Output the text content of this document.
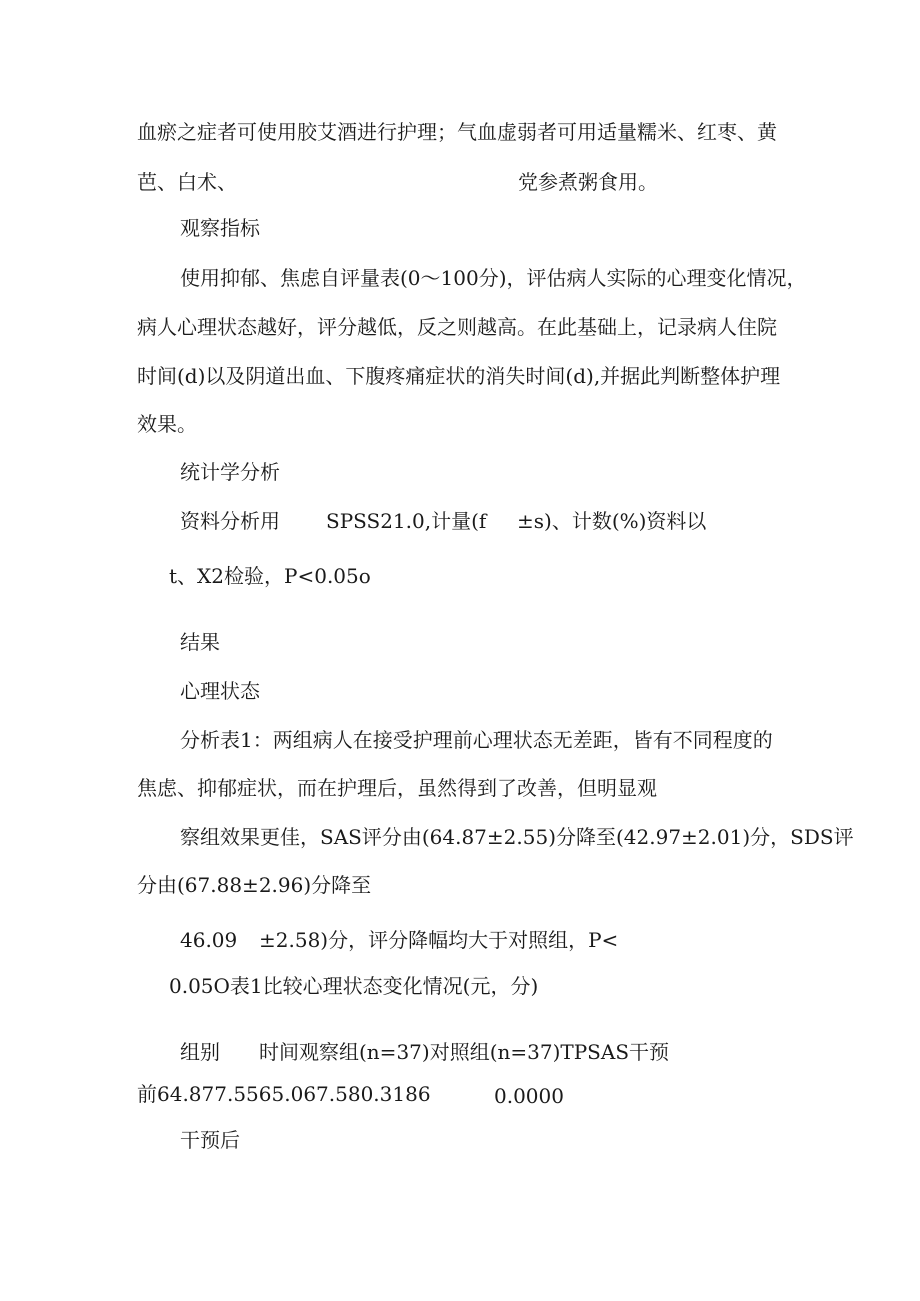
血瘀之症者可使用胶艾酒进行护理；气血虚弱者可用适量糯米、红枣、黄

芭、白术、	党参煮粥食用。

观察指标

使用抑郁、焦虑自评量表(0～100分)，评估病人实际的心理变化情况，

病人心理状态越好，评分越低，反之则越高。在此基础上，记录病人住院

时间(d)以及阴道出血、下腹疼痛症状的消失时间(d),并据此判断整体护理

效果。

统计学分析

资料分析用 SPSS21.0,计量(f ±s)、计数(%)资料以

t、X2检验，P<0.05o

结果

心理状态

分析表1：两组病人在接受护理前心理状态无差距，皆有不同程度的

焦虑、抑郁症状，而在护理后，虽然得到了改善，但明显观

察组效果更佳，SAS评分由(64.87±2.55)分降至(42.97±2.01)分，SDS评

分由(67.88±2.96)分降至

46.09 ±2.58)分，评分降幅均大于对照组，P<

0.05O表1比较心理状态变化情况(元，分)

组别 时间观察组(n=37)对照组(n=37)TPSAS干预

前64.877.5565.067.580.3186	0.0000

干预后
